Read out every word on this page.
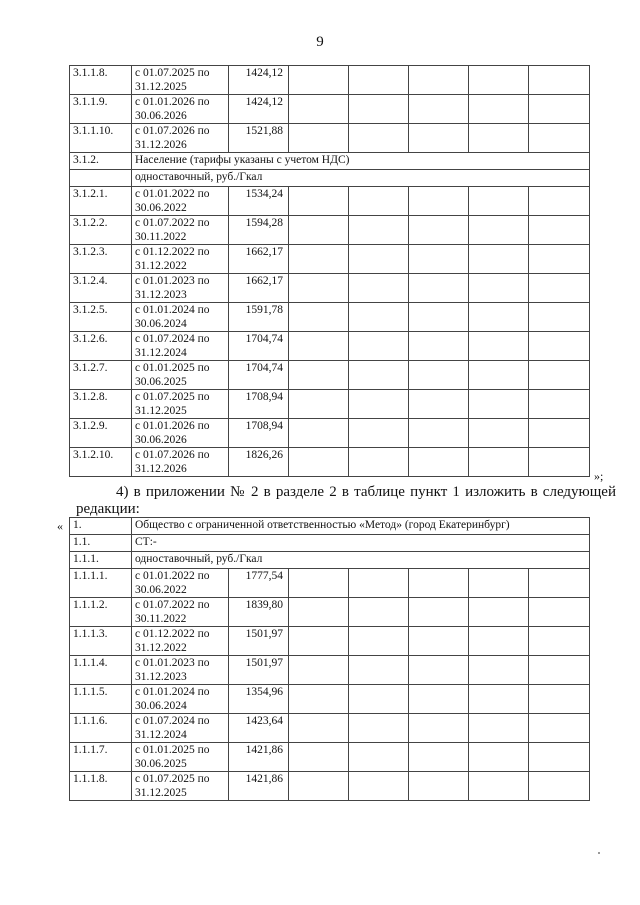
9
3.1.1.8.	с 01.07.2025 по
31.12.2025	1424,12					
3.1.1.9.	с 01.01.2026 по
30.06.2026	1424,12					
3.1.1.10.	с 01.07.2026 по
31.12.2026	1521,88					
3.1.2.	Население (тарифы указаны с учетом НДС)						
	одноставочный, руб./Гкал						
3.1.2.1.	с 01.01.2022 по
30.06.2022	1534,24					
3.1.2.2.	с 01.07.2022 по
30.11.2022	1594,28					
3.1.2.3.	с 01.12.2022 по
31.12.2022	1662,17					
3.1.2.4.	с 01.01.2023 по
31.12.2023	1662,17					
3.1.2.5.	с 01.01.2024 по
30.06.2024	1591,78					
3.1.2.6.	с 01.07.2024 по
31.12.2024	1704,74					
3.1.2.7.	с 01.01.2025 по
30.06.2025	1704,74					
3.1.2.8.	с 01.07.2025 по
31.12.2025	1708,94					
3.1.2.9.	с 01.01.2026 по
30.06.2026	1708,94					
3.1.2.10.	с 01.07.2026 по
31.12.2026	1826,26					
»;
4) в приложении № 2 в разделе 2 в таблице пункт 1 изложить в следующей редакции:
« 1.	Общество с ограниченной ответственностью «Метод» (город Екатеринбург)						
1.1.	СТ:-						
1.1.1.	одноставочный, руб./Гкал						
1.1.1.1.	с 01.01.2022 по
30.06.2022	1777,54					
1.1.1.2.	с 01.07.2022 по
30.11.2022	1839,80					
1.1.1.3.	с 01.12.2022 по
31.12.2022	1501,97					
1.1.1.4.	с 01.01.2023 по
31.12.2023	1501,97					
1.1.1.5.	с 01.01.2024 по
30.06.2024	1354,96					
1.1.1.6.	с 01.07.2024 по
31.12.2024	1423,64					
1.1.1.7.	с 01.01.2025 по
30.06.2025	1421,86					
1.1.1.8.	с 01.07.2025 по
31.12.2025	1421,86					
